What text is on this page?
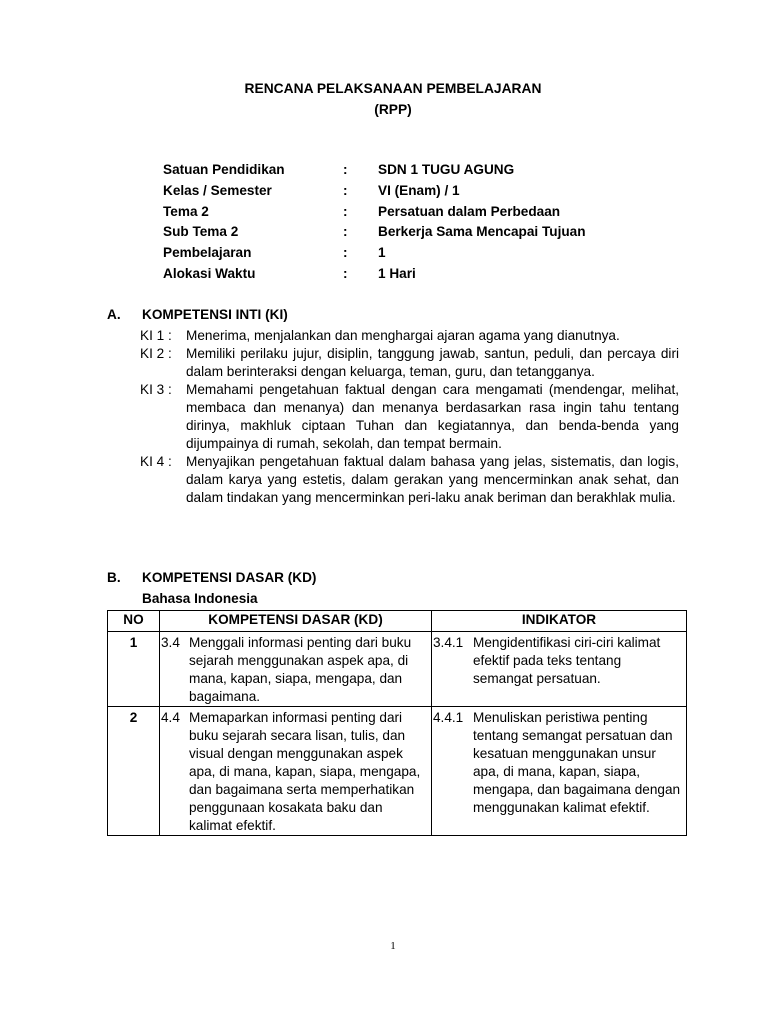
RENCANA PELAKSANAAN PEMBELAJARAN
(RPP)
Satuan Pendidikan	: SDN 1 TUGU AGUNG
Kelas / Semester	: VI (Enam) / 1
Tema 2	: Persatuan dalam Perbedaan
Sub Tema 2	: Berkerja Sama Mencapai Tujuan
Pembelajaran	: 1
Alokasi Waktu	: 1 Hari
A. KOMPETENSI INTI (KI)

KI 1 : Menerima, menjalankan dan menghargai ajaran agama yang dianutnya.

KI 2 : Memiliki perilaku jujur, disiplin, tanggung jawab, santun, peduli, dan percaya diri dalam berinteraksi dengan keluarga, teman, guru, dan tetangganya.

KI 3 : Memahami pengetahuan faktual dengan cara mengamati (mendengar, melihat, membaca dan menanya) dan menanya berdasarkan rasa ingin tahu tentang dirinya, makhluk ciptaan Tuhan dan kegiatannya, dan benda-benda yang dijumpainya di rumah, sekolah, dan tempat bermain.

KI 4 : Menyajikan pengetahuan faktual dalam bahasa yang jelas, sistematis, dan logis, dalam karya yang estetis, dalam gerakan yang mencerminkan anak sehat, dan dalam tindakan yang mencerminkan peri-laku anak beriman dan berakhlak mulia.

B. KOMPETENSI DASAR (KD)
Bahasa Indonesia
NO	KOMPETENSI DASAR (KD)	INDIKATOR
1	3.4 Menggali informasi penting dari buku sejarah menggunakan aspek apa, di mana, kapan, siapa, mengapa, dan bagaimana.	3.4.1 Mengidentifikasi ciri-ciri kalimat efektif pada teks tentang semangat persatuan.

2	4.4 Memaparkan informasi penting dari buku sejarah secara lisan, tulis, dan visual dengan menggunakan aspek apa, di mana, kapan, siapa, mengapa, dan bagaimana serta memperhatikan penggunaan kosakata baku dan kalimat efektif.	4.4.1 Menuliskan peristiwa penting tentang semangat persatuan dan kesatuan menggunakan unsur apa, di mana, kapan, siapa, mengapa, dan bagaimana dengan menggunakan kalimat efektif.
1
